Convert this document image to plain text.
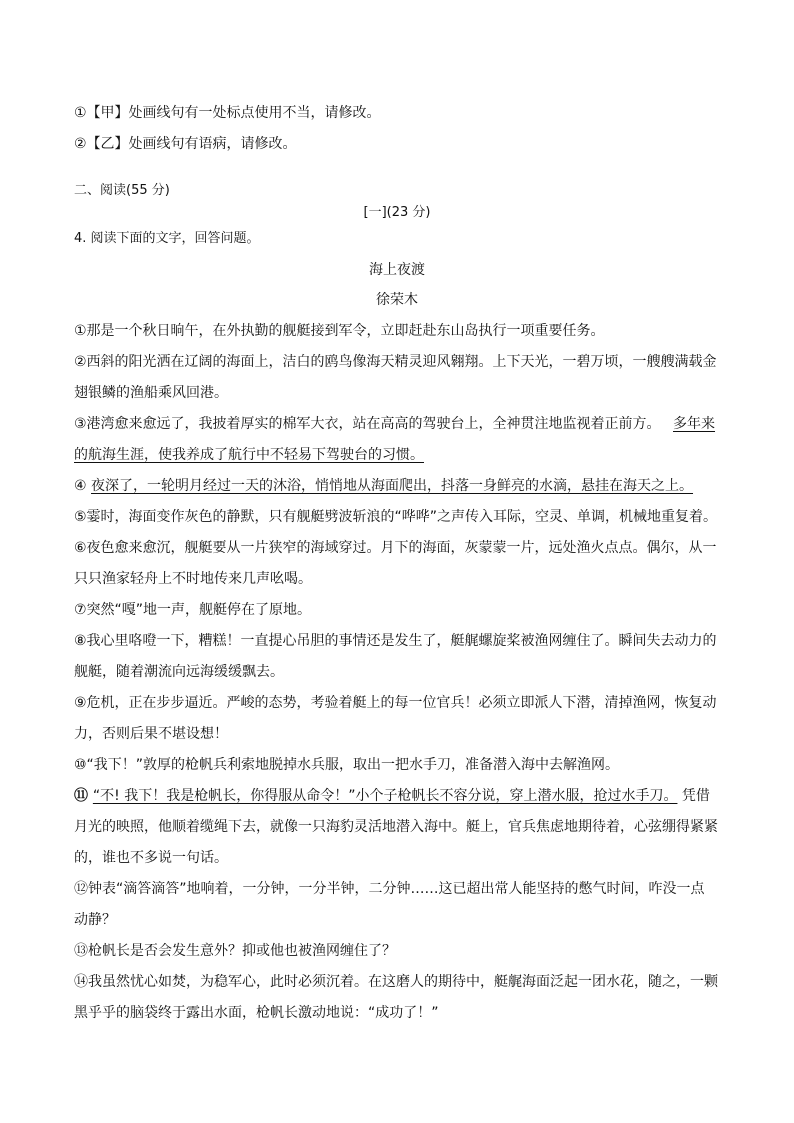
①【甲】处画线句有一处标点使用不当，请修改。
②【乙】处画线句有语病，请修改。
二、阅读(55 分)
[一](23 分)
4. 阅读下面的文字，回答问题。
海上夜渡
徐荣木
①那是一个秋日晌午，在外执勤的舰艇接到军令，立即赶赴东山岛执行一项重要任务。
②西斜的阳光洒在辽阔的海面上，洁白的鸥鸟像海天精灵迎风翱翔。上下天光，一碧万顷，一艘艘满载金
翅银鳞的渔船乘风回港。
③港湾愈来愈远了，我披着厚实的棉军大衣，站在高高的驾驶台上，全神贯注地监视着正前方。 多年来
的航海生涯，使我养成了航行中不轻易下驾驶台的习惯。
④ 夜深了，一轮明月经过一天的沐浴，悄悄地从海面爬出，抖落一身鲜亮的水滴，悬挂在海天之上。
⑤霎时，海面变作灰色的静默，只有舰艇劈波斩浪的“哗哗”之声传入耳际，空灵、单调，机械地重复着。
⑥夜色愈来愈沉，舰艇要从一片狭窄的海域穿过。月下的海面，灰蒙蒙一片，远处渔火点点。偶尔，从一
只只渔家轻舟上不时地传来几声吆喝。
⑦突然“嘎”地一声，舰艇停在了原地。
⑧我心里咯噔一下，糟糕！一直提心吊胆的事情还是发生了，艇艉螺旋桨被渔网缠住了。瞬间失去动力的
舰艇，随着潮流向远海缓缓飘去。
⑨危机，正在步步逼近。严峻的态势，考验着艇上的每一位官兵！必须立即派人下潜，清掉渔网，恢复动
力，否则后果不堪设想！
⑩“我下！”敦厚的枪帆兵利索地脱掉水兵服，取出一把水手刀，准备潜入海中去解渔网。
⑪ “不! 我下！我是枪帆长，你得服从命令！”小个子枪帆长不容分说，穿上潜水服，抢过水手刀。 凭借
月光的映照，他顺着缆绳下去，就像一只海豹灵活地潜入海中。艇上，官兵焦虑地期待着，心弦绷得紧紧
的，谁也不多说一句话。
⑫钟表“滴答滴答”地响着，一分钟，一分半钟，二分钟……这已超出常人能坚持的憋气时间，咋没一点
动静？
⑬枪帆长是否会发生意外？抑或他也被渔网缠住了？
⑭我虽然忧心如焚，为稳军心，此时必须沉着。在这磨人的期待中，艇艉海面泛起一团水花，随之，一颗
黑乎乎的脑袋终于露出水面，枪帆长激动地说：“成功了！”
